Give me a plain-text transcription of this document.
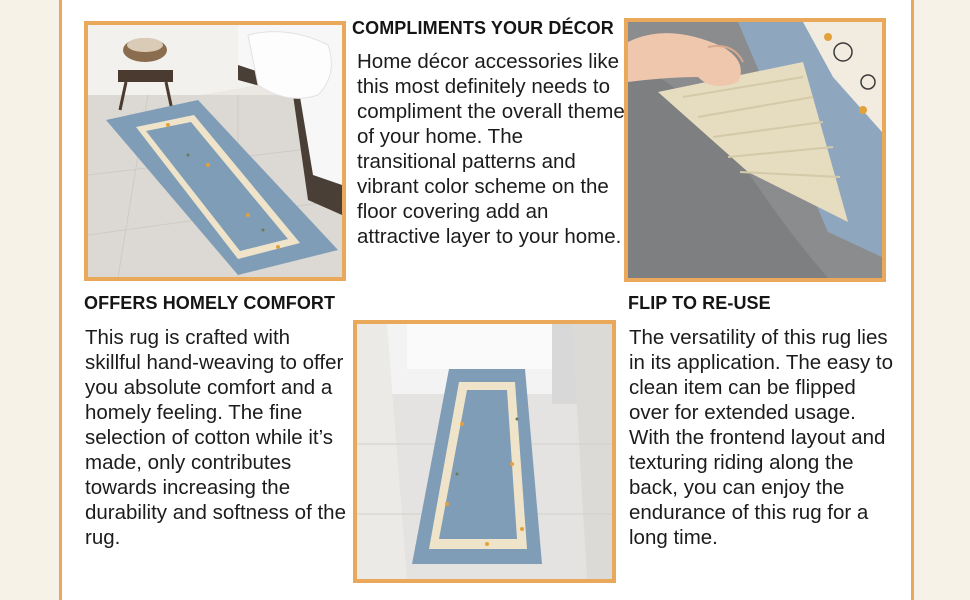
COMPLIMENTS YOUR DÉCOR

Home décor accessories like this most definitely needs to compliment the overall theme of your home. The transitional patterns and vibrant color scheme on the floor covering add an attractive layer to your home.

OFFERS HOMELY COMFORT

This rug is crafted with skillful hand-weaving to offer you absolute comfort and a homely feeling. The fine selection of cotton while it’s made, only contributes towards increasing the durability and softness of the rug.

FLIP TO RE-USE

The versatility of this rug lies in its application. The easy to clean item can be flipped over for extended usage. With the frontend layout and texturing riding along the back, you can enjoy the endurance of this rug for a long time.
